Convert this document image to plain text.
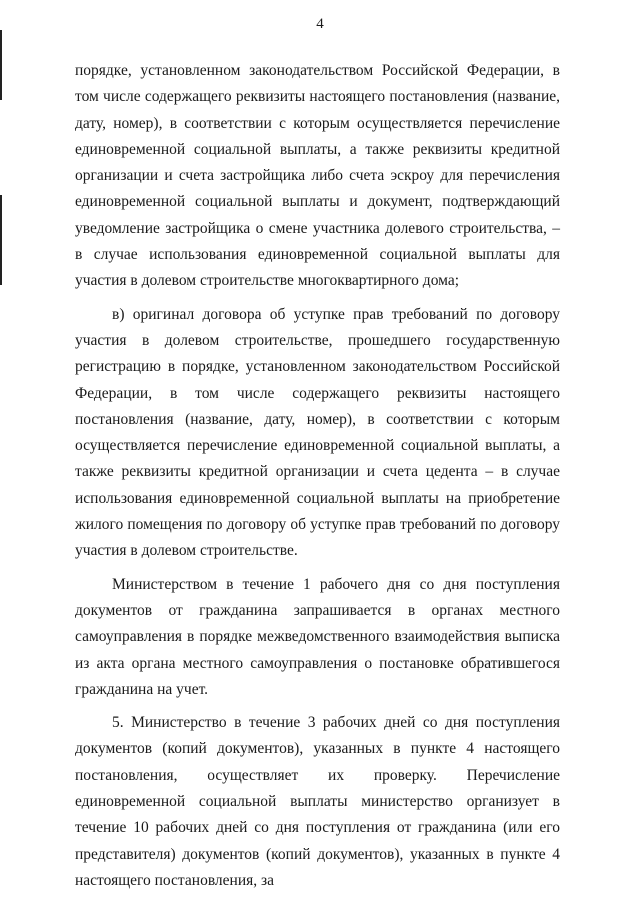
4

порядке, установленном законодательством Российской Федерации, в том числе содержащего реквизиты настоящего постановления (название, дату, номер), в соответствии с которым осуществляется перечисление единовременной социальной выплаты, а также реквизиты кредитной организации и счета застройщика либо счета эскроу для перечисления единовременной социальной выплаты и документ, подтверждающий уведомление застройщика о смене участника долевого строительства, – в случае использования единовременной социальной выплаты для участия в долевом строительстве многоквартирного дома;

в) оригинал договора об уступке прав требований по договору участия в долевом строительстве, прошедшего государственную регистрацию в порядке, установленном законодательством Российской Федерации, в том числе содержащего реквизиты настоящего постановления (название, дату, номер), в соответствии с которым осуществляется перечисление единовременной социальной выплаты, а также реквизиты кредитной организации и счета цедента – в случае использования единовременной социальной выплаты на приобретение жилого помещения по договору об уступке прав требований по договору участия в долевом строительстве.

Министерством в течение 1 рабочего дня со дня поступления документов от гражданина запрашивается в органах местного самоуправления в порядке межведомственного взаимодействия выписка из акта органа местного самоуправления о постановке обратившегося гражданина на учет.

5. Министерство в течение 3 рабочих дней со дня поступления документов (копий документов), указанных в пункте 4 настоящего постановления, осуществляет их проверку. Перечисление единовременной социальной выплаты министерство организует в течение 10 рабочих дней со дня поступления от гражданина (или его представителя) документов (копий документов), указанных в пункте 4 настоящего постановления, за
